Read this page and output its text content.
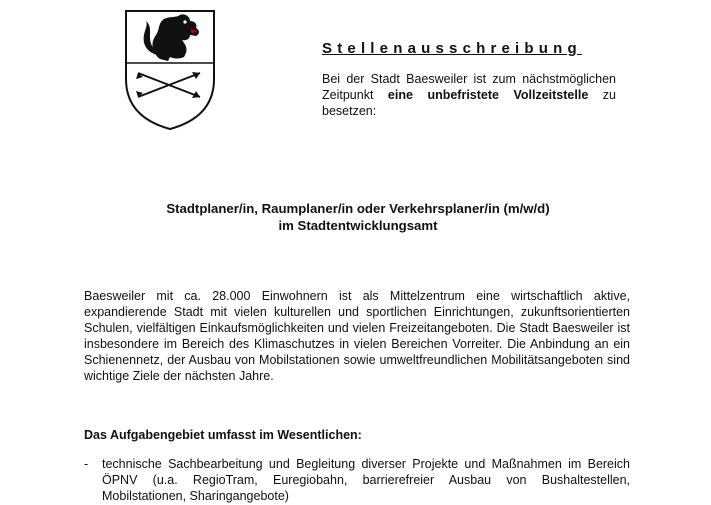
Stellenausschreibung
Bei der Stadt Baesweiler ist zum nächstmöglichen Zeitpunkt eine unbefristete Vollzeitstelle zu besetzen:
Stadtplaner/in, Raumplaner/in oder Verkehrsplaner/in (m/w/d)
im Stadtentwicklungsamt
Baesweiler mit ca. 28.000 Einwohnern ist als Mittelzentrum eine wirtschaftlich aktive, expandierende Stadt mit vielen kulturellen und sportlichen Einrichtungen, zukunftsorientierten Schulen, vielfältigen Einkaufsmöglichkeiten und vielen Freizeitangeboten. Die Stadt Baesweiler ist insbesondere im Bereich des Klimaschutzes in vielen Bereichen Vorreiter. Die Anbindung an ein Schienennetz, der Ausbau von Mobilstationen sowie umweltfreundlichen Mobilitätsangeboten sind wichtige Ziele der nächsten Jahre.
Das Aufgabengebiet umfasst im Wesentlichen:
-	technische Sachbearbeitung und Begleitung diverser Projekte und Maßnahmen im Bereich ÖPNV (u.a. RegioTram, Euregiobahn, barrierefreier Ausbau von Bushaltestellen, Mobilstationen, Sharingangebote)
